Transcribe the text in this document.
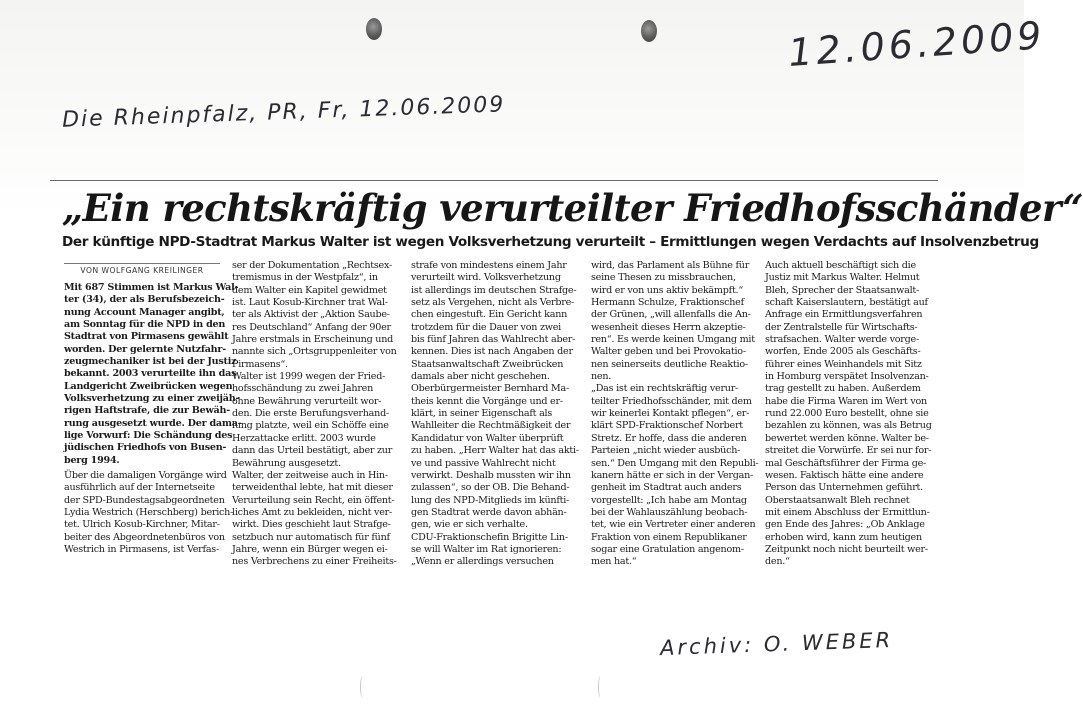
12.06.2009
Die Rheinpfalz, PR, Fr, 12.06.2009
„Ein rechtskräftig verurteilter Friedhofsschänder“
Der künftige NPD-Stadtrat Markus Walter ist wegen Volksverhetzung verurteilt – Ermittlungen wegen Verdachts auf Insolvenzbetrug
VON WOLFGANG KREILINGER
Mit 687 Stimmen ist Markus Wal-
ter (34), der als Berufsbezeich-
nung Account Manager angibt,
am Sonntag für die NPD in den
Stadtrat von Pirmasens gewählt
worden. Der gelernte Nutzfahr-
zeugmechaniker ist bei der Justiz
bekannt. 2003 verurteilte ihn das
Landgericht Zweibrücken wegen
Volksverhetzung zu einer zweijäh-
rigen Haftstrafe, die zur Bewäh-
rung ausgesetzt wurde. Der dama-
lige Vorwurf: Die Schändung des
jüdischen Friedhofs von Busen-
berg 1994.
Über die damaligen Vorgänge wird
ausführlich auf der Internetseite
der SPD-Bundestagsabgeordneten
Lydia Westrich (Herschberg) berich-
tet. Ulrich Kosub-Kirchner, Mitar-
beiter des Abgeordnetenbüros von
Westrich in Pirmasens, ist Verfas-
ser der Dokumentation „Rechtsex-
tremismus in der Westpfalz“, in
dem Walter ein Kapitel gewidmet
ist. Laut Kosub-Kirchner trat Wal-
ter als Aktivist der „Aktion Saube-
res Deutschland“ Anfang der 90er
Jahre erstmals in Erscheinung und
nannte sich „Ortsgruppenleiter von
Pirmasens“.
Walter ist 1999 wegen der Fried-
hofsschändung zu zwei Jahren
ohne Bewährung verurteilt wor-
den. Die erste Berufungsverhand-
lung platzte, weil ein Schöffe eine
Herzattacke erlitt. 2003 wurde
dann das Urteil bestätigt, aber zur
Bewährung ausgesetzt.
Walter, der zeitweise auch in Hin-
terweidenthal lebte, hat mit dieser
Verurteilung sein Recht, ein öffent-
liches Amt zu bekleiden, nicht ver-
wirkt. Dies geschieht laut Strafge-
setzbuch nur automatisch für fünf
Jahre, wenn ein Bürger wegen ei-
nes Verbrechens zu einer Freiheits-
strafe von mindestens einem Jahr
verurteilt wird. Volksverhetzung
ist allerdings im deutschen Strafge-
setz als Vergehen, nicht als Verbre-
chen eingestuft. Ein Gericht kann
trotzdem für die Dauer von zwei
bis fünf Jahren das Wahlrecht aber-
kennen. Dies ist nach Angaben der
Staatsanwaltschaft Zweibrücken
damals aber nicht geschehen.
Oberbürgermeister Bernhard Ma-
theis kennt die Vorgänge und er-
klärt, in seiner Eigenschaft als
Wahlleiter die Rechtmäßigkeit der
Kandidatur von Walter überprüft
zu haben. „Herr Walter hat das akti-
ve und passive Wahlrecht nicht
verwirkt. Deshalb mussten wir ihn
zulassen“, so der OB. Die Behand-
lung des NPD-Mitglieds im künfti-
gen Stadtrat werde davon abhän-
gen, wie er sich verhalte.
CDU-Fraktionschefin Brigitte Lin-
se will Walter im Rat ignorieren:
„Wenn er allerdings versuchen
wird, das Parlament als Bühne für
seine Thesen zu missbrauchen,
wird er von uns aktiv bekämpft.“
Hermann Schulze, Fraktionschef
der Grünen, „will allenfalls die An-
wesenheit dieses Herrn akzeptie-
ren“. Es werde keinen Umgang mit
Walter geben und bei Provokatio-
nen seinerseits deutliche Reaktio-
nen.
„Das ist ein rechtskräftig verur-
teilter Friedhofsschänder, mit dem
wir keinerlei Kontakt pflegen“, er-
klärt SPD-Fraktionschef Norbert
Stretz. Er hoffe, dass die anderen
Parteien „nicht wieder ausbüch-
sen.“ Den Umgang mit den Republi-
kanern hätte er sich in der Vergan-
genheit im Stadtrat auch anders
vorgestellt: „Ich habe am Montag
bei der Wahlauszählung beobach-
tet, wie ein Vertreter einer anderen
Fraktion von einem Republikaner
sogar eine Gratulation angenom-
men hat.“
Auch aktuell beschäftigt sich die
Justiz mit Markus Walter. Helmut
Bleh, Sprecher der Staatsanwalt-
schaft Kaiserslautern, bestätigt auf
Anfrage ein Ermittlungsverfahren
der Zentralstelle für Wirtschafts-
strafsachen. Walter werde vorge-
worfen, Ende 2005 als Geschäfts-
führer eines Weinhandels mit Sitz
in Homburg verspätet Insolvenzan-
trag gestellt zu haben. Außerdem
habe die Firma Waren im Wert von
rund 22.000 Euro bestellt, ohne sie
bezahlen zu können, was als Betrug
bewertet werden könne. Walter be-
streitet die Vorwürfe. Er sei nur for-
mal Geschäftsführer der Firma ge-
wesen. Faktisch hätte eine andere
Person das Unternehmen geführt.
Oberstaatsanwalt Bleh rechnet
mit einem Abschluss der Ermittlun-
gen Ende des Jahres: „Ob Anklage
erhoben wird, kann zum heutigen
Zeitpunkt noch nicht beurteilt wer-
den.“
Archiv: O. WEBER
